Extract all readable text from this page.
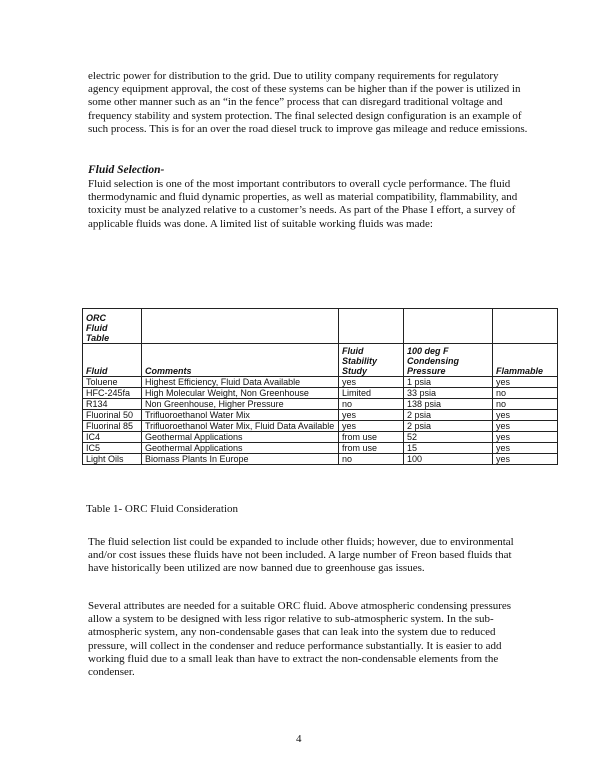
electric power for distribution to the grid. Due to utility company requirements for regulatory agency equipment approval, the cost of these systems can be higher than if the power is utilized in some other manner such as an “in the fence” process that can disregard traditional voltage and frequency stability and system protection. The final selected design configuration is an example of such process. This is for an over the road diesel truck to improve gas mileage and reduce emissions.

Fluid Selection-

Fluid selection is one of the most important contributors to overall cycle performance. The fluid thermodynamic and fluid dynamic properties, as well as material compatibility, flammability, and toxicity must be analyzed relative to a customer’s needs. As part of the Phase I effort, a survey of applicable fluids was done. A limited list of suitable working fluids was made:

ORC
Fluid
Table				
Fluid	Comments	Fluid Stability Study	100 deg F Condensing Pressure	Flammable
Toluene	Highest Efficiency, Fluid Data Available	yes	1 psia	yes
HFC-245fa	High Molecular Weight, Non Greenhouse	Limited	33 psia	no
R134	Non Greenhouse, Higher Pressure	no	138 psia	no
Fluorinal 50	Trifluoroethanol Water Mix	yes	2 psia	yes
Fluorinal 85	Trifluoroethanol Water Mix, Fluid Data Available	yes	2 psia	yes
IC4	Geothermal Applications	from use	52	yes
IC5	Geothermal Applications	from use	15	yes
Light Oils	Biomass Plants In Europe	no	100	yes

Table 1- ORC Fluid Consideration

The fluid selection list could be expanded to include other fluids; however, due to environmental and/or cost issues these fluids have not been included. A large number of Freon based fluids that have historically been utilized are now banned due to greenhouse gas issues.

Several attributes are needed for a suitable ORC fluid. Above atmospheric condensing pressures allow a system to be designed with less rigor relative to sub-atmospheric system. In the sub-atmospheric system, any non-condensable gases that can leak into the system due to reduced pressure, will collect in the condenser and reduce performance substantially. It is easier to add working fluid due to a small leak than have to extract the non-condensable elements from the condenser.

4
